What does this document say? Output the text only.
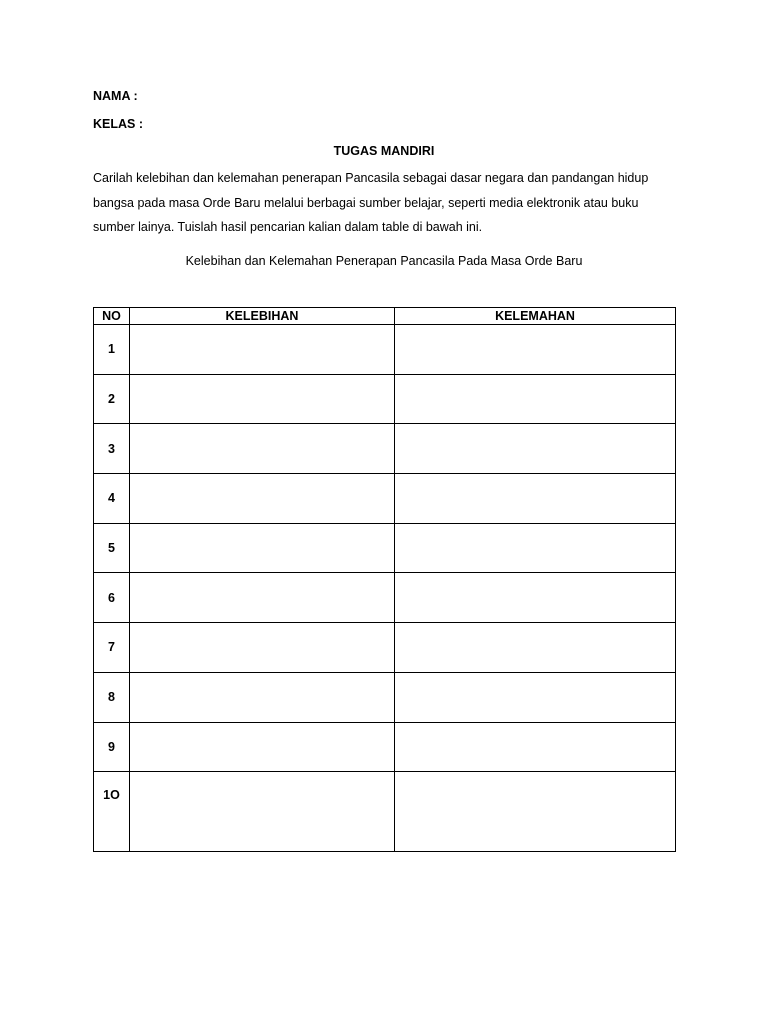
NAMA :
KELAS :
TUGAS MANDIRI

Carilah kelebihan dan kelemahan penerapan Pancasila sebagai dasar negara dan pandangan hidup
bangsa pada masa Orde Baru melalui berbagai sumber belajar, seperti media elektronik atau buku
sumber lainya. Tuislah hasil pencarian kalian dalam table di bawah ini.

Kelebihan dan Kelemahan Penerapan Pancasila Pada Masa Orde Baru
NO	KELEBIHAN	KELEMAHAN
1		
2		
3		
4		
5		
6		
7		
8		
9		
1O		
